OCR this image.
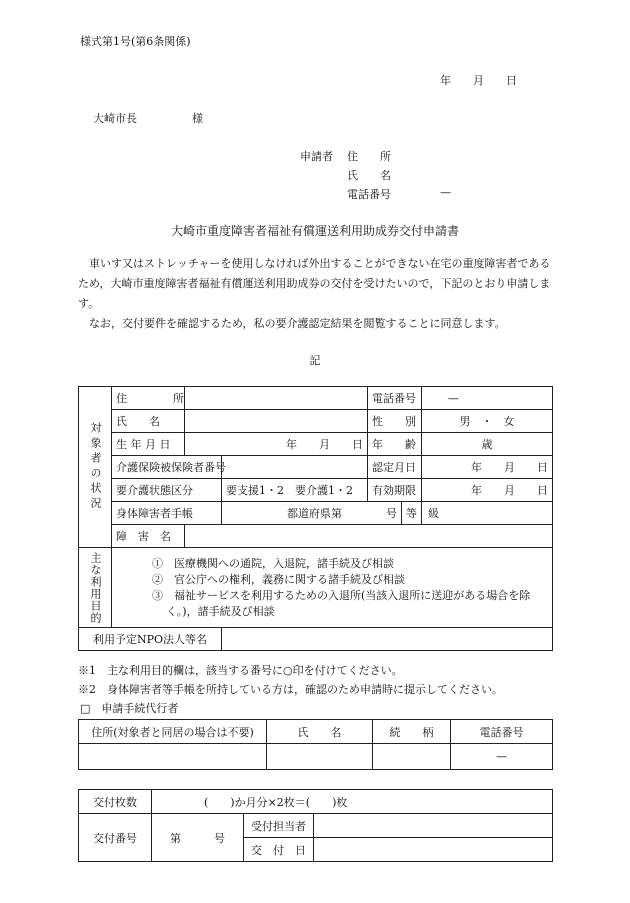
様式第1号(第6条関係)
年　　月　　日
大崎市長　　　　　様
申請者 住　　所
氏　　名
電話番号	—
大崎市重度障害者福祉有償運送利用助成券交付申請書
車いす又はストレッチャーを使用しなければ外出することができない在宅の重度障害者であるため，大崎市重度障害者福祉有償運送利用助成券の交付を受けたいので，下記のとおり申請します。
なお，交付要件を確認するため，私の要介護認定結果を閲覧することに同意します。
記
対象者の状況	住　　所			電話番号		—	
	氏　　名			性　　別		男　・　女	
	生 年 月 日	年　　月　　日		年　　齢		歳	
	介護保険被保険者番号			認定月日		年　　月　　日	
	要介護状態区分		要支援1・2　要介護1・2	有効期限		年　　月　　日	
	身体障害者手帳		都道府県第　　　　号		等　級		
	障　害　名						
主な利用目的	①　医療機関への通院，入退院，諸手続及び相談
②　官公庁への権利，義務に関する諸手続及び相談
③　福祉サービスを利用するための入退所(当該入退所に送迎がある場合を除く。)，諸手続及び相談						

利用予定NPO法人等名							
※1　主な利用目的欄は，該当する番号に○印を付けてください。
※2　身体障害者等手帳を所持している方は，確認のため申請時に提示してください。
□　申請手続代行者
住所(対象者と同居の場合は不要)	氏　　名	続　　柄	電話番号
			—
交付枚数	(　　)か月分×2枚＝(　　)枚		
交付番号	第　　　号	受付担当者	
		交　付　日	
